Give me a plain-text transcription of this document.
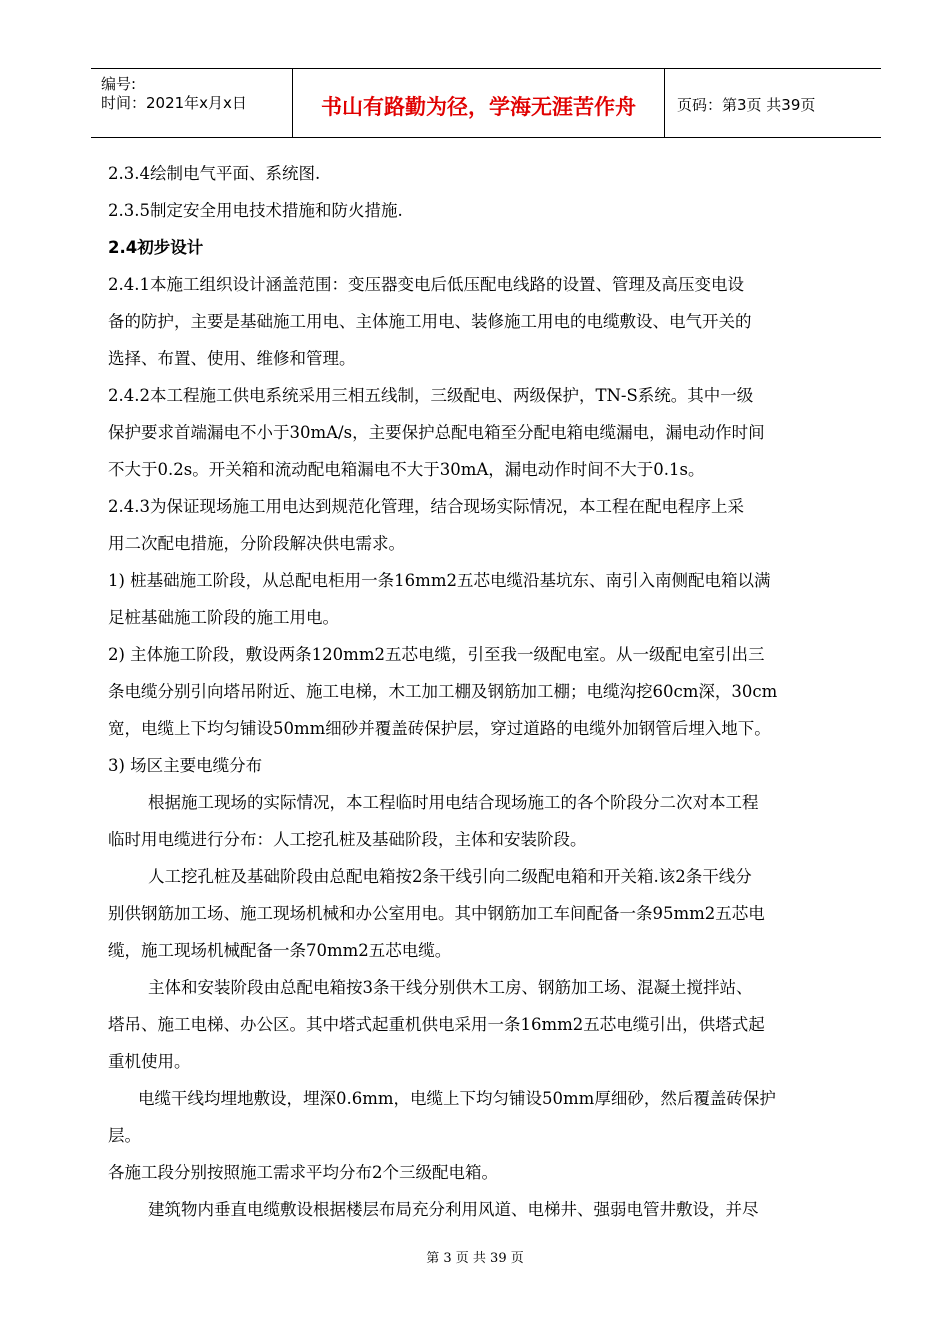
编号:
时间：2021年x月x日	书山有路勤为径，学海无涯苦作舟	页码：第3页 共39页
2.3.4绘制电气平面、系统图.
2.3.5制定安全用电技术措施和防火措施.
2.4初步设计
2.4.1本施工组织设计涵盖范围：变压器变电后低压配电线路的设置、管理及高压变电设
备的防护，主要是基础施工用电、主体施工用电、装修施工用电的电缆敷设、电气开关的
选择、布置、使用、维修和管理。
2.4.2本工程施工供电系统采用三相五线制，三级配电、两级保护，TN-S系统。其中一级
保护要求首端漏电不小于30mA/s，主要保护总配电箱至分配电箱电缆漏电，漏电动作时间
不大于0.2s。开关箱和流动配电箱漏电不大于30mA，漏电动作时间不大于0.1s。
2.4.3为保证现场施工用电达到规范化管理，结合现场实际情况，本工程在配电程序上采
用二次配电措施，分阶段解决供电需求。
1) 桩基础施工阶段，从总配电柜用一条16mm2五芯电缆沿基坑东、南引入南侧配电箱以满
足桩基础施工阶段的施工用电。
2) 主体施工阶段，敷设两条120mm2五芯电缆，引至我一级配电室。从一级配电室引出三
条电缆分别引向塔吊附近、施工电梯，木工加工棚及钢筋加工棚；电缆沟挖60cm深，30cm
宽，电缆上下均匀铺设50mm细砂并覆盖砖保护层，穿过道路的电缆外加钢管后埋入地下。
3) 场区主要电缆分布
根据施工现场的实际情况，本工程临时用电结合现场施工的各个阶段分二次对本工程
临时用电缆进行分布：人工挖孔桩及基础阶段，主体和安装阶段。
人工挖孔桩及基础阶段由总配电箱按2条干线引向二级配电箱和开关箱.该2条干线分
别供钢筋加工场、施工现场机械和办公室用电。其中钢筋加工车间配备一条95mm2五芯电
缆，施工现场机械配备一条70mm2五芯电缆。
主体和安装阶段由总配电箱按3条干线分别供木工房、钢筋加工场、混凝土搅拌站、
塔吊、施工电梯、办公区。其中塔式起重机供电采用一条16mm2五芯电缆引出，供塔式起
重机使用。
电缆干线均埋地敷设，埋深0.6mm，电缆上下均匀铺设50mm厚细砂，然后覆盖砖保护
层。
各施工段分别按照施工需求平均分布2个三级配电箱。
建筑物内垂直电缆敷设根据楼层布局充分利用风道、电梯井、强弱电管井敷设，并尽
第 3 页 共 39 页
